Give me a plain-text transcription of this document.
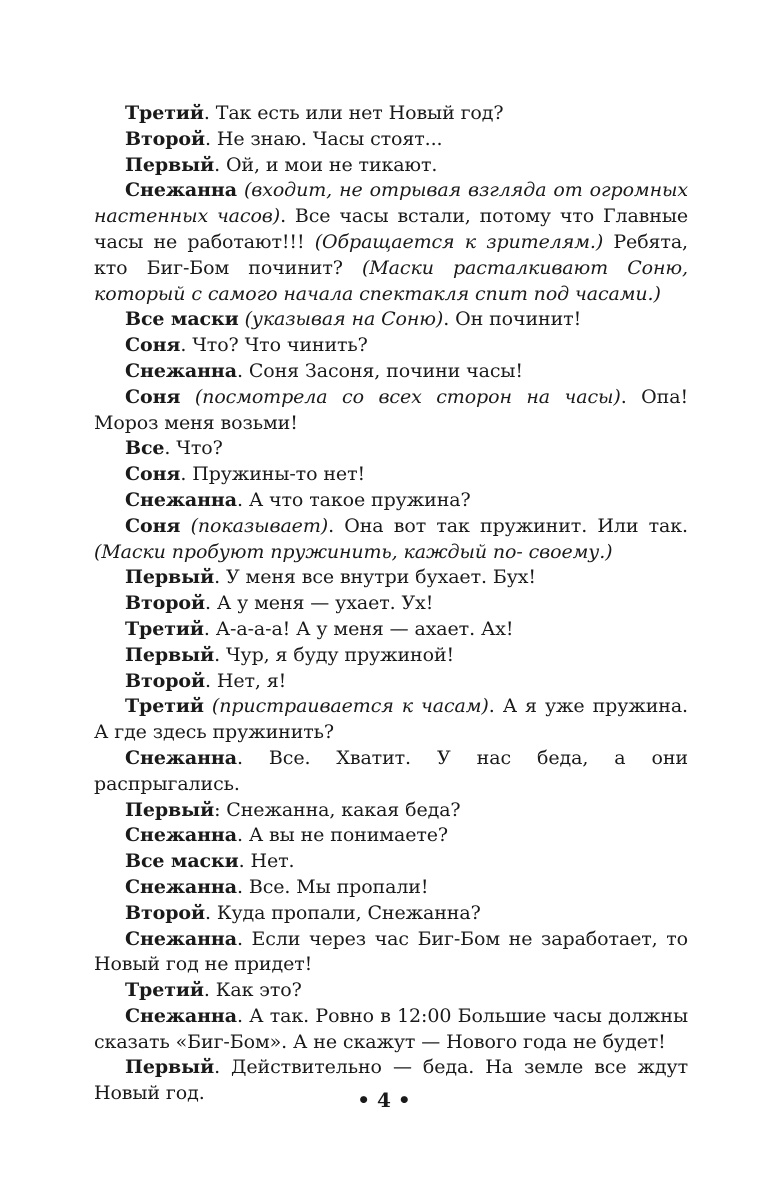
Третий. Так есть или нет Новый год?

Второй. Не знаю. Часы стоят...

Первый. Ой, и мои не тикают.

Снежанна (входит, не отрывая взгляда от огромных настенных часов). Все часы встали, потому что Главные часы не работают!!! (Обращается к зрителям.) Ребята, кто Биг-Бом починит? (Маски расталкивают Соню, который с самого начала спектакля спит под часами.)

Все маски (указывая на Соню). Он починит!

Соня. Что? Что чинить?

Снежанна. Соня Засоня, почини часы!

Соня (посмотрела со всех сторон на часы). Опа! Мороз меня возьми!

Все. Что?

Соня. Пружины-то нет!

Снежанна. А что такое пружина?

Соня (показывает). Она вот так пружинит. Или так. (Маски пробуют пружинить, каждый по- своему.)

Первый. У меня все внутри бухает. Бух!

Второй. А у меня — ухает. Ух!

Третий. А-а-а-а! А у меня — ахает. Ах!

Первый. Чур, я буду пружиной!

Второй. Нет, я!

Третий (пристраивается к часам). А я уже пружина. А где здесь пружинить?

Снежанна. Все. Хватит. У нас беда, а они распрыгались.

Первый: Снежанна, какая беда?

Снежанна. А вы не понимаете?

Все маски. Нет.

Снежанна. Все. Мы пропали!

Второй. Куда пропали, Снежанна?

Снежанна. Если через час Биг-Бом не заработает, то Новый год не придет!

Третий. Как это?

Снежанна. А так. Ровно в 12:00 Большие часы должны сказать «Биг-Бом». А не скажут — Нового года не будет!

Первый. Действительно — беда. На земле все ждут Новый год.	• 4 •
